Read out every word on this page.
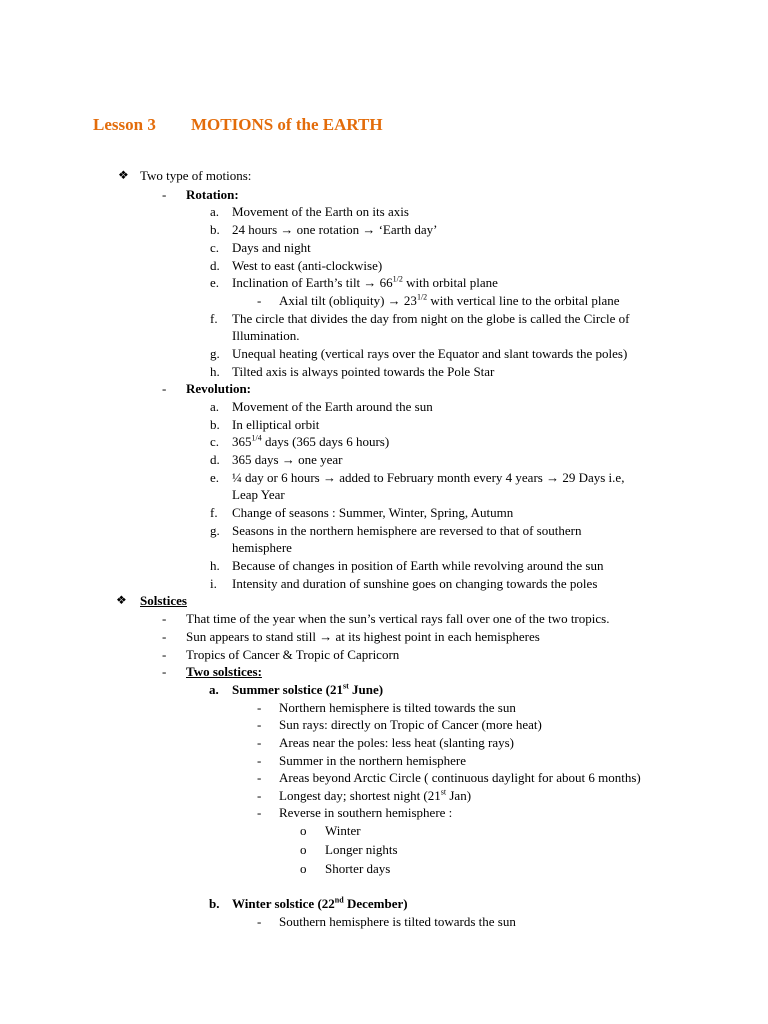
Lesson 3 MOTIONS of the EARTH
❖ Two type of motions:
- Rotation:
a. Movement of the Earth on its axis
b. 24 hours → one rotation → ‘Earth day’
c. Days and night
d. West to east (anti-clockwise)
e. Inclination of Earth’s tilt → $66^{1/2}$ with orbital plane
- Axial tilt (obliquity) → $23^{1/2}$ with vertical line to the orbital plane
f. The circle that divides the day from night on the globe is called the Circle of
Illumination.
g. Unequal heating (vertical rays over the Equator and slant towards the poles)
h. Tilted axis is always pointed towards the Pole Star
- Revolution:
a. Movement of the Earth around the sun
b. In elliptical orbit
c. $365^{1/4}$ days (365 days 6 hours)
d. 365 days → one year
e. ¼ day or 6 hours → added to February month every 4 years → 29 Days i.e,
Leap Year
f. Change of seasons : Summer, Winter, Spring, Autumn
g. Seasons in the northern hemisphere are reversed to that of southern
hemisphere
h. Because of changes in position of Earth while revolving around the sun
i. Intensity and duration of sunshine goes on changing towards the poles
❖ Solstices
- That time of the year when the sun’s vertical rays fall over one of the two tropics.
- Sun appears to stand still → at its highest point in each hemispheres
- Tropics of Cancer & Tropic of Capricorn
- Two solstices:
a. Summer solstice (21st June)
- Northern hemisphere is tilted towards the sun
- Sun rays: directly on Tropic of Cancer (more heat)
- Areas near the poles: less heat (slanting rays)
- Summer in the northern hemisphere
- Areas beyond Arctic Circle ( continuous daylight for about 6 months)
- Longest day; shortest night (21st Jan)
- Reverse in southern hemisphere :
o Winter
o Longer nights
o Shorter days
b. Winter solstice (22nd December)
- Southern hemisphere is tilted towards the sun
